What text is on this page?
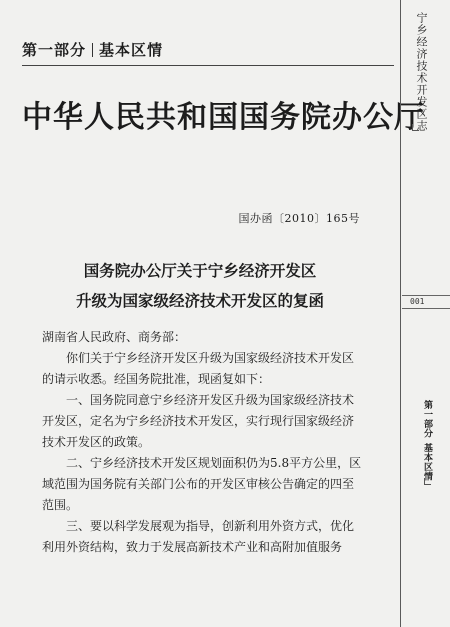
第一部分 基本区情
中华人民共和国国务院办公厅
国办函〔2010〕165号
国务院办公厅关于宁乡经济开发区
升级为国家级经济技术开发区的复函
湖南省人民政府、商务部：
你们关于宁乡经济开发区升级为国家级经济技术开发区
的请示收悉。经国务院批准，现函复如下：
一、国务院同意宁乡经济开发区升级为国家级经济技术
开发区，定名为宁乡经济技术开发区，实行现行国家级经济
技术开发区的政策。
二、宁乡经济技术开发区规划面积仍为5.8平方公里，区
域范围为国务院有关部门公布的开发区审核公告确定的四至
范围。
三、要以科学发展观为指导，创新利用外资方式，优化
利用外资结构，致力于发展高新技术产业和高附加值服务
宁乡经济技术开发区志
001
第一部分基本区情
